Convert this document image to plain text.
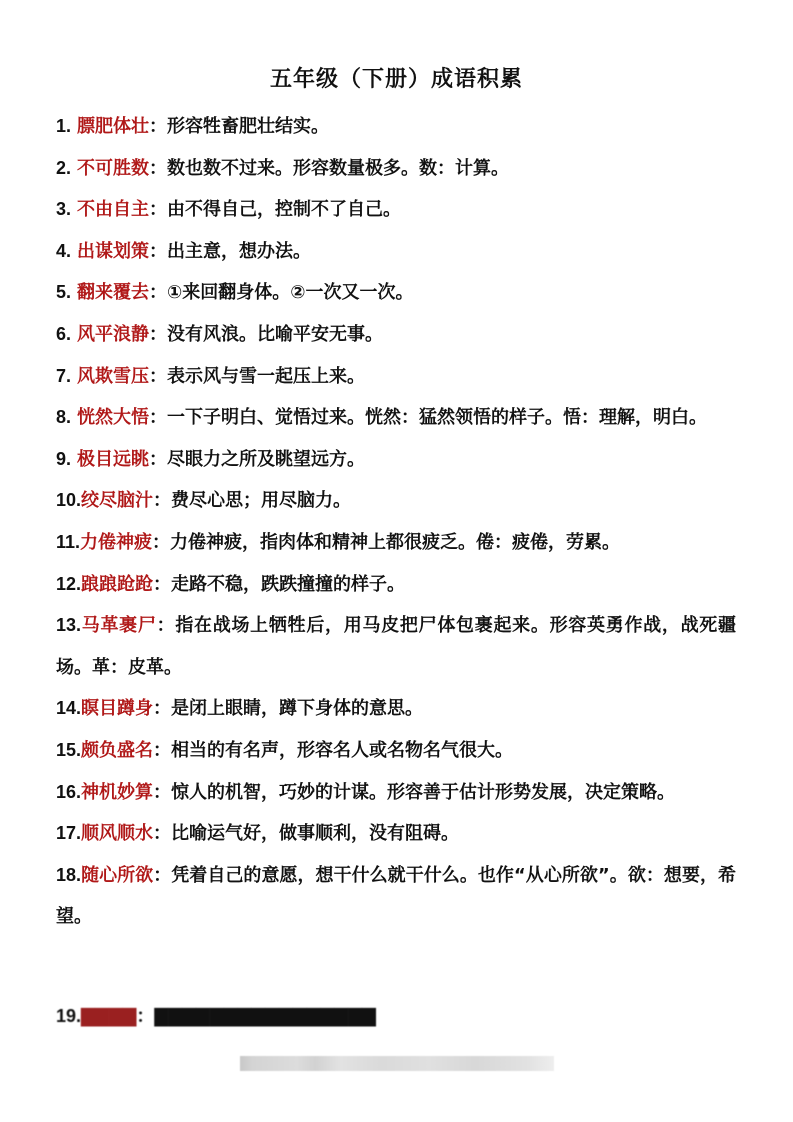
五年级（下册）成语积累
1. 膘肥体壮：形容牲畜肥壮结实。
2. 不可胜数：数也数不过来。形容数量极多。数：计算。
3. 不由自主：由不得自己，控制不了自己。
4. 出谋划策：出主意，想办法。
5. 翻来覆去：①来回翻身体。②一次又一次。
6. 风平浪静：没有风浪。比喻平安无事。
7. 风欺雪压：表示风与雪一起压上来。
8. 恍然大悟：一下子明白、觉悟过来。恍然：猛然领悟的样子。悟：理解，明白。
9. 极目远眺：尽眼力之所及眺望远方。
10.绞尽脑汁：费尽心思；用尽脑力。
11.力倦神疲：力倦神疲，指肉体和精神上都很疲乏。倦：疲倦，劳累。
12.踉踉跄跄：走路不稳，跌跌撞撞的样子。
13.马革裹尸：指在战场上牺牲后，用马皮把尸体包裹起来。形容英勇作战，战死疆场。革：皮革。
14.瞑目蹲身：是闭上眼睛，蹲下身体的意思。
15.颇负盛名：相当的有名声，形容名人或名物名气很大。
16.神机妙算：惊人的机智，巧妙的计谋。形容善于估计形势发展，决定策略。
17.顺风顺水：比喻运气好，做事顺利，没有阻碍。
18.随心所欲：凭着自己的意愿，想干什么就干什么。也作“从心所欲”。欲：想要，希望。
19.▇▇▇▇：▇▇▇▇▇▇▇▇▇▇▇▇▇▇▇▇
